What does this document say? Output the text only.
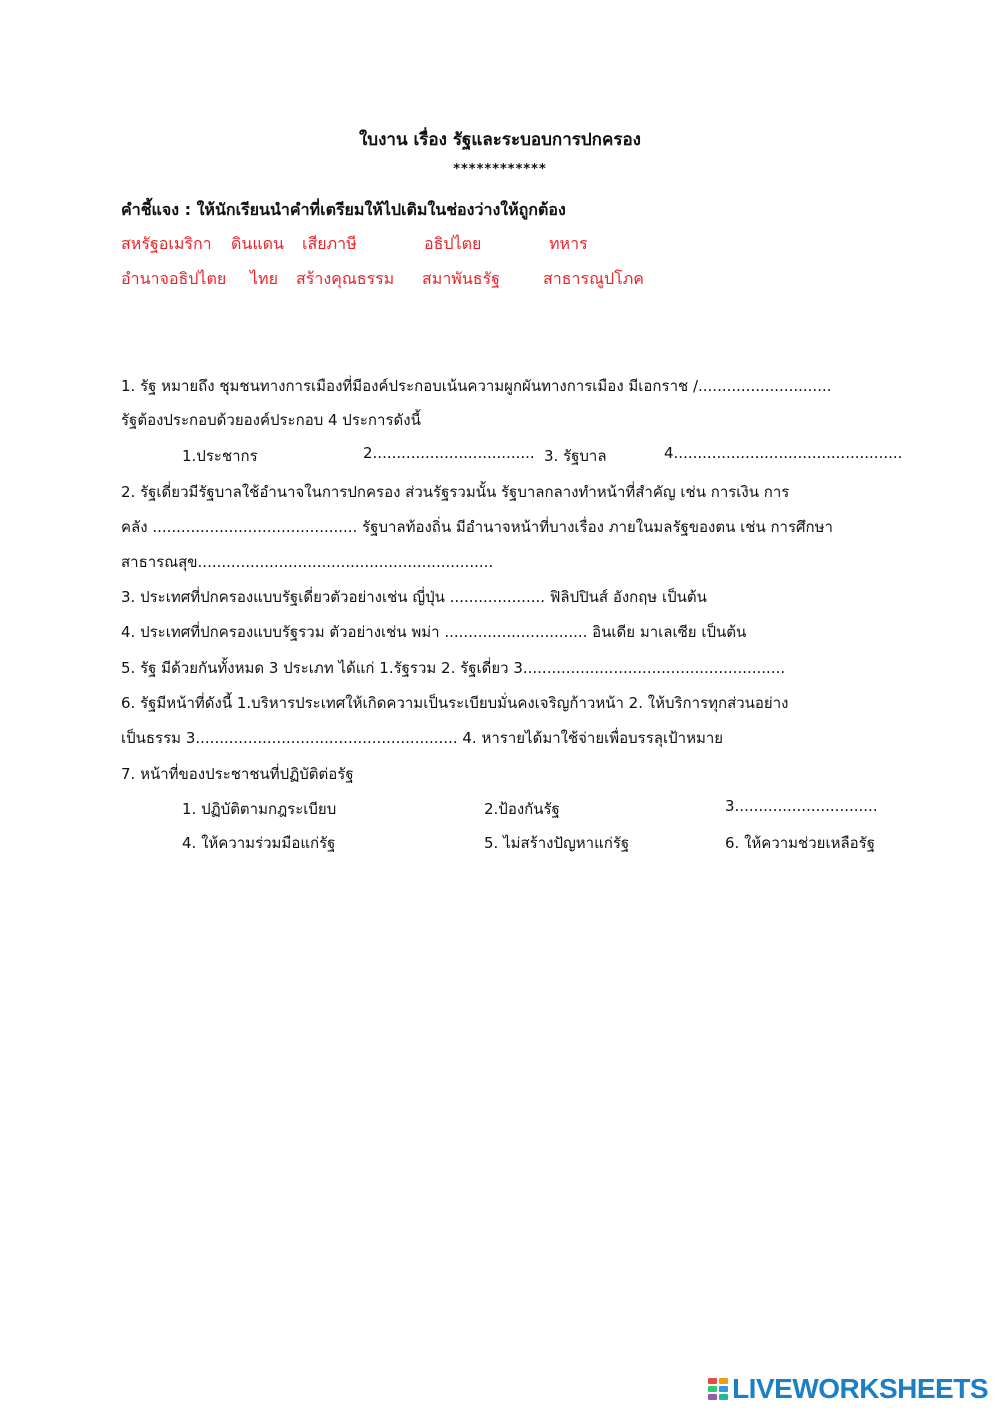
ใบงาน เรื่อง รัฐและระบอบการปกครอง
************
คำชี้แจง : ให้นักเรียนนำคำที่เตรียมให้ไปเติมในช่องว่างให้ถูกต้อง
สหรัฐอเมริกา ดินแดน เสียภาษี	อธิปไตย	ทหาร
อำนาจอธิปไตย ไทย สร้างคุณธรรม สมาพันธรัฐ	สาธารณูปโภค
1. รัฐ หมายถึง ชุมชนทางการเมืองที่มีองค์ประกอบเน้นความผูกผันทางการเมือง มีเอกราช /............................
รัฐต้องประกอบด้วยองค์ประกอบ 4 ประการดังนี้
1.ประชากร	2.................................. 3. รัฐบาล	4................................................
2. รัฐเดี่ยวมีรัฐบาลใช้อำนาจในการปกครอง ส่วนรัฐรวมนั้น รัฐบาลกลางทำหน้าที่สำคัญ เช่น การเงิน การ
คลัง ........................................... รัฐบาลท้องถิ่น มีอำนาจหน้าที่บางเรื่อง ภายในมลรัฐของตน เช่น การศึกษา
สาธารณสุข..............................................................
3. ประเทศที่ปกครองแบบรัฐเดี่ยวตัวอย่างเช่น ญี่ปุ่น .................... ฟิลิปปินส์ อังกฤษ เป็นต้น
4. ประเทศที่ปกครองแบบรัฐรวม ตัวอย่างเช่น พม่า .............................. อินเดีย มาเลเซีย เป็นต้น
5. รัฐ มีด้วยกันทั้งหมด 3 ประเภท ได้แก่ 1.รัฐรวม 2. รัฐเดี่ยว 3.......................................................
6. รัฐมีหน้าที่ดังนี้ 1.บริหารประเทศให้เกิดความเป็นระเบียบมั่นคงเจริญก้าวหน้า 2. ให้บริการทุกส่วนอย่าง
เป็นธรรม 3....................................................... 4. หารายได้มาใช้จ่ายเพื่อบรรลุเป้าหมาย
7. หน้าที่ของประชาชนที่ปฏิบัติต่อรัฐ
1. ปฏิบัติตามกฎระเบียบ	2.ป้องกันรัฐ	3..............................
4. ให้ความร่วมมือแก่รัฐ	5. ไม่สร้างปัญหาแก่รัฐ	6. ให้ความช่วยเหลือรัฐ
LIVEWORKSHEETS
